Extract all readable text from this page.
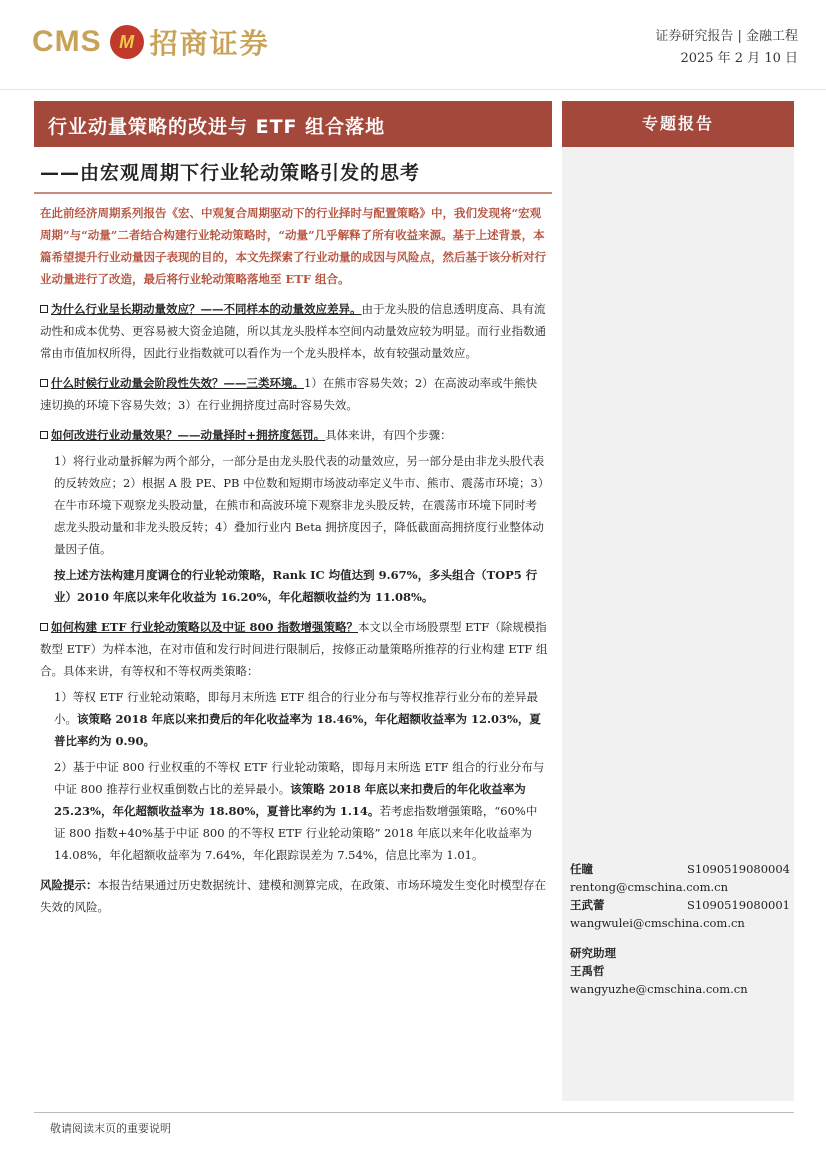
CMS M 招商证券	证券研究报告 | 金融工程
2025 年 2 月 10 日
专题报告
行业动量策略的改进与 ETF 组合落地
——由宏观周期下行业轮动策略引发的思考
在此前经济周期系列报告《宏、中观复合周期驱动下的行业择时与配置策略》中，我们发现将“宏观周期”与“动量”二者结合构建行业轮动策略时，“动量”几乎解释了所有收益来源。基于上述背景，本篇希望提升行业动量因子表现的目的，本文先探索了行业动量的成因与风险点，然后基于该分析对行业动量进行了改造，最后将行业轮动策略落地至 ETF 组合。
为什么行业呈长期动量效应？——不同样本的动量效应差异。由于龙头股的信息透明度高、具有流动性和成本优势、更容易被大资金追随，所以其龙头股样本空间内动量效应较为明显。而行业指数通常由市值加权所得，因此行业指数就可以看作为一个龙头股样本，故有较强动量效应。
什么时候行业动量会阶段性失效？——三类环境。1）在熊市容易失效；2）在高波动率或牛熊快速切换的环境下容易失效；3）在行业拥挤度过高时容易失效。
如何改进行业动量效果？——动量择时+拥挤度惩罚。具体来讲，有四个步骤：
1）将行业动量拆解为两个部分，一部分是由龙头股代表的动量效应，另一部分是由非龙头股代表的反转效应；2）根据 A 股 PE、PB 中位数和短期市场波动率定义牛市、熊市、震荡市环境；3）在牛市环境下观察龙头股动量，在熊市和高波环境下观察非龙头股反转，在震荡市环境下同时考虑龙头股动量和非龙头股反转；4）叠加行业内 Beta 拥挤度因子，降低截面高拥挤度行业整体动量因子值。
按上述方法构建月度调仓的行业轮动策略，Rank IC 均值达到 9.67%，多头组合（TOP5 行业）2010 年底以来年化收益为 16.20%，年化超额收益约为 11.08%。
如何构建 ETF 行业轮动策略以及中证 800 指数增强策略？本文以全市场股票型 ETF（除规模指数型 ETF）为样本池，在对市值和发行时间进行限制后，按修正动量策略所推荐的行业构建 ETF 组合。具体来讲，有等权和不等权两类策略：
1）等权 ETF 行业轮动策略，即每月末所选 ETF 组合的行业分布与等权推荐行业分布的差异最小。该策略 2018 年底以来扣费后的年化收益率为 18.46%，年化超额收益率为 12.03%，夏普比率约为 0.90。
2）基于中证 800 行业权重的不等权 ETF 行业轮动策略，即每月末所选 ETF 组合的行业分布与中证 800 推荐行业权重倒数占比的差异最小。该策略 2018 年底以来扣费后的年化收益率为 25.23%，年化超额收益率为 18.80%，夏普比率约为 1.14。若考虑指数增强策略，“60%中证 800 指数+40%基于中证 800 的不等权 ETF 行业轮动策略” 2018 年底以来年化收益率为 14.08%，年化超额收益率为 7.64%，年化跟踪误差为 7.54%，信息比率为 1.01。
风险提示：本报告结果通过历史数据统计、建模和测算完成，在政策、市场环境发生变化时模型存在失效的风险。
任瞳	S1090519080004
rentong@cmschina.com.cn
王武蕾	S1090519080001
wangwulei@cmschina.com.cn
研究助理
王禹哲
wangyuzhe@cmschina.com.cn
敬请阅读末页的重要说明
